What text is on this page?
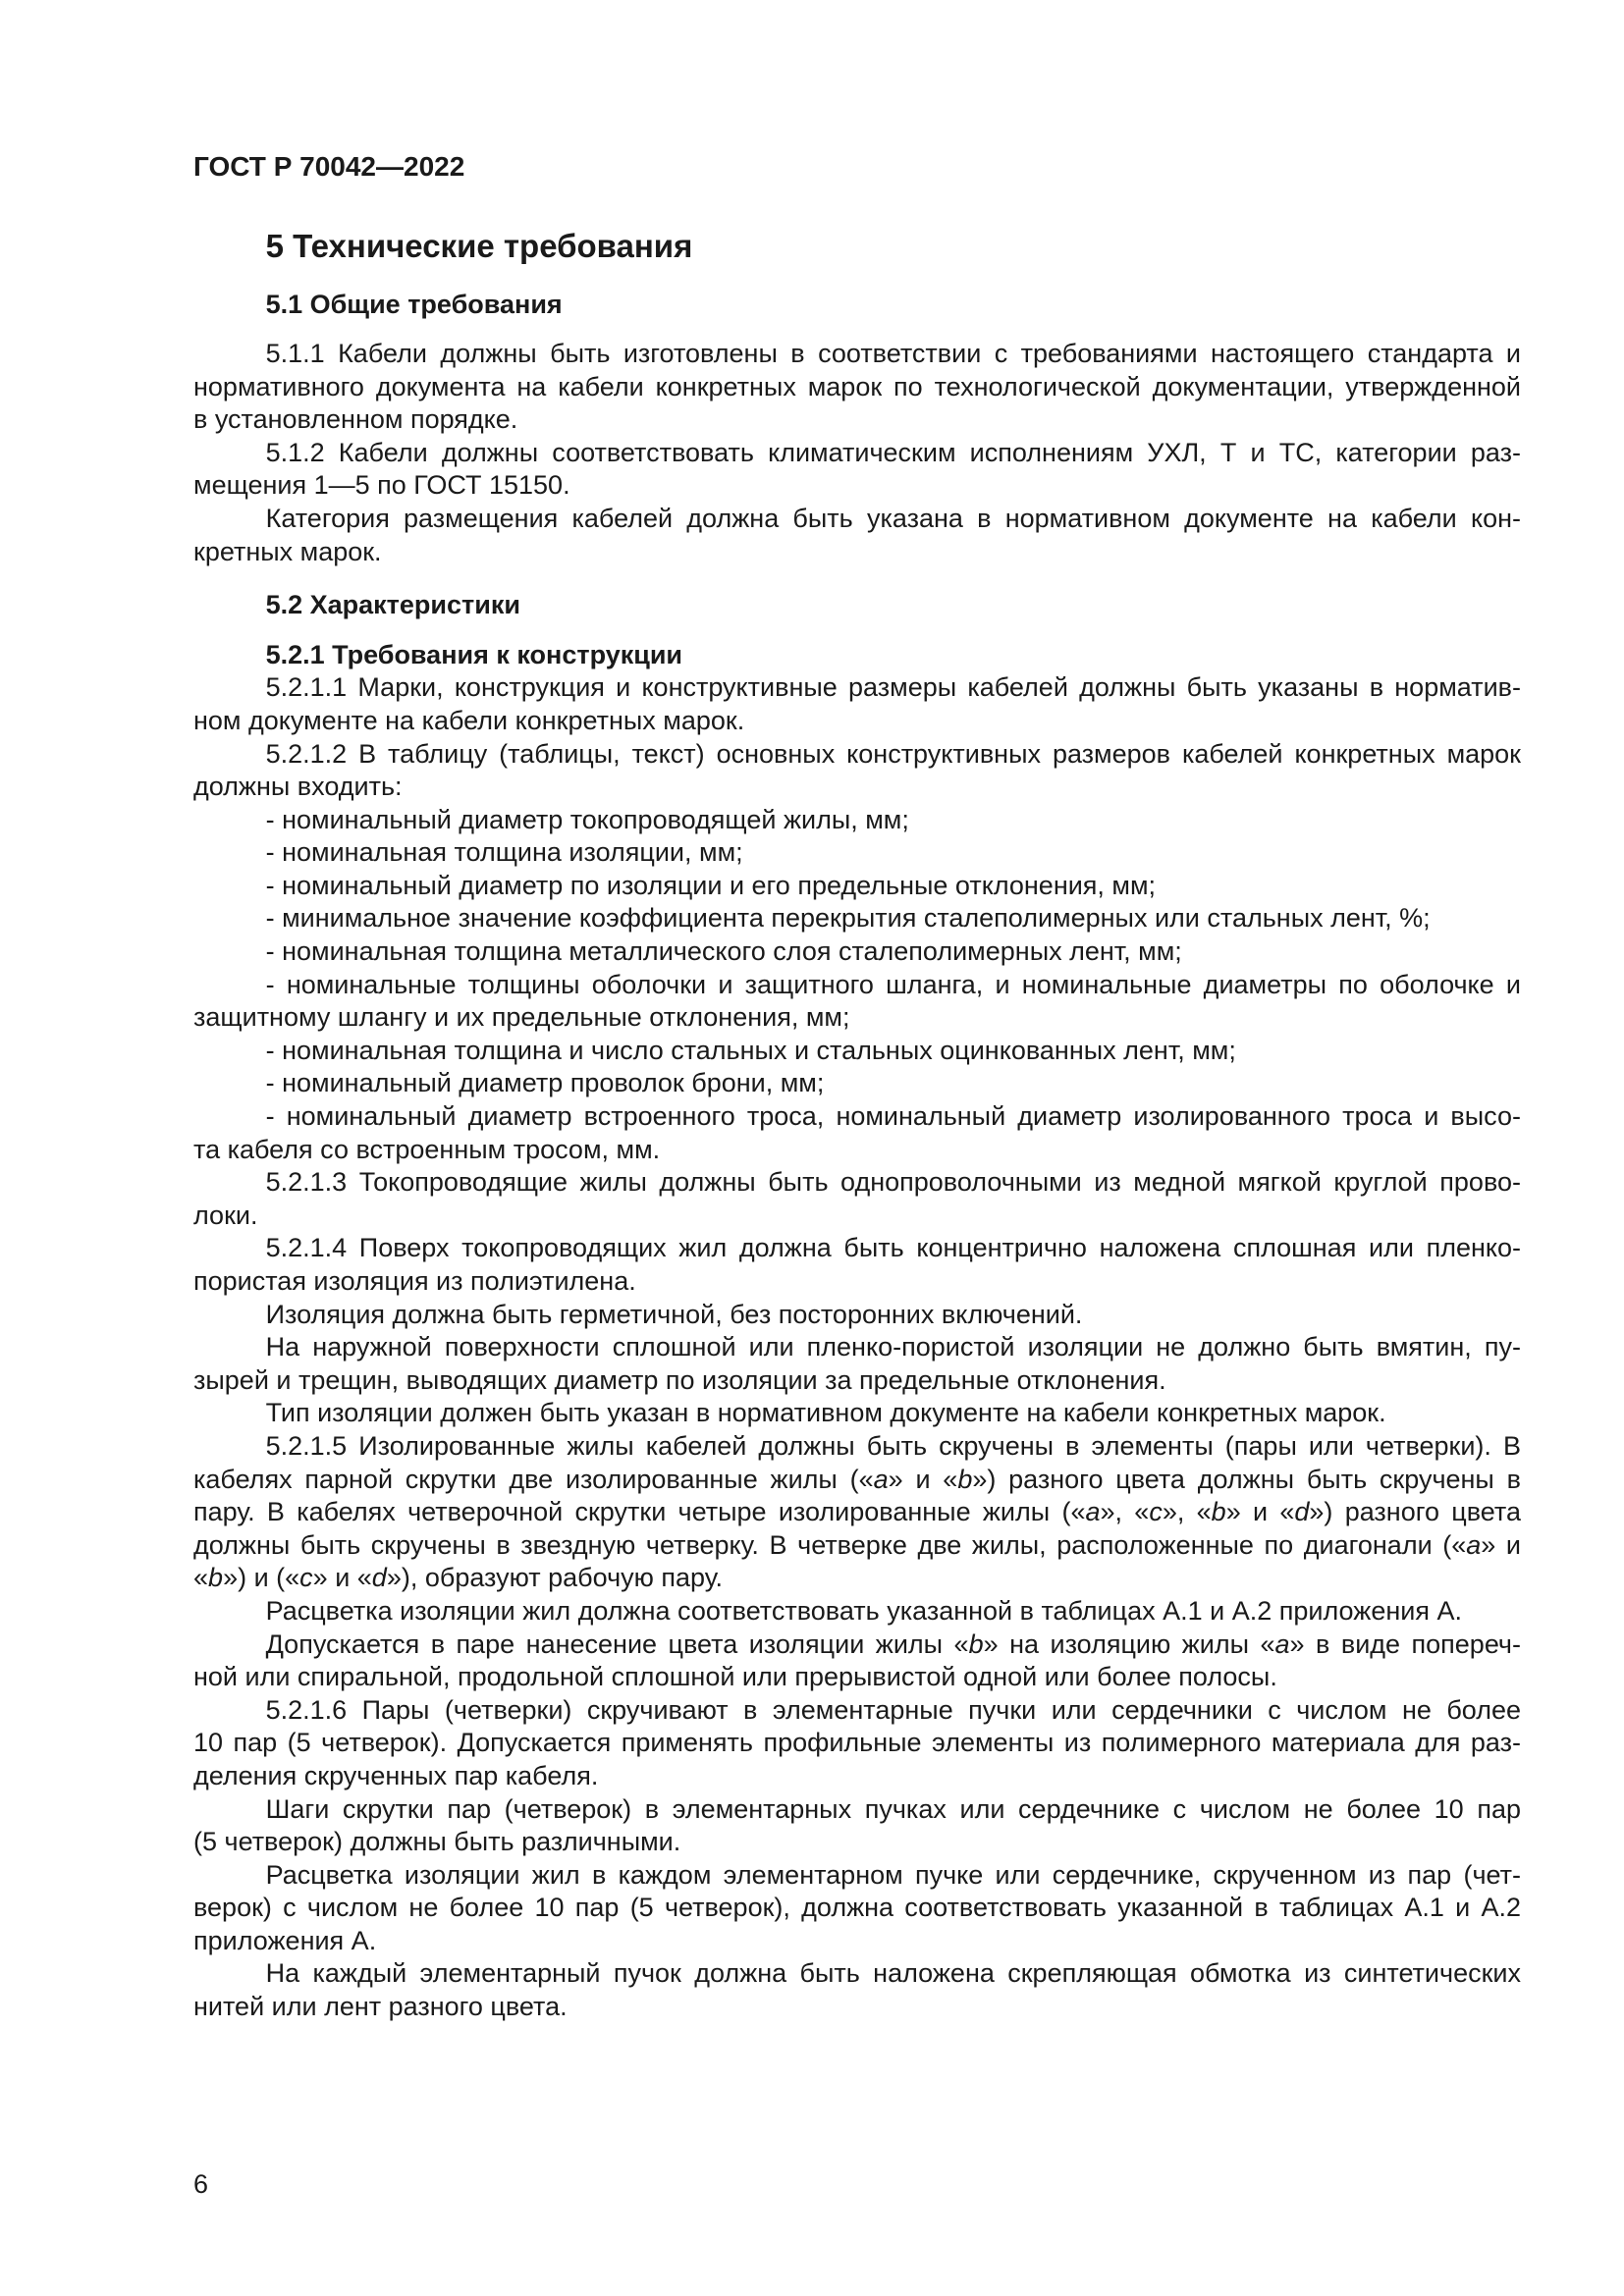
ГОСТ Р 70042—2022
5 Технические требования
5.1 Общие требования
5.1.1 Кабели должны быть изготовлены в соответствии с требованиями настоящего стандарта и
нормативного документа на кабели конкретных марок по технологической документации, утвержденной
в установленном порядке.
5.1.2 Кабели должны соответствовать климатическим исполнениям УХЛ, Т и ТС, категории раз-
мещения 1—5 по ГОСТ 15150.
Категория размещения кабелей должна быть указана в нормативном документе на кабели кон-
кретных марок.
5.2 Характеристики
5.2.1 Требования к конструкции
5.2.1.1 Марки, конструкция и конструктивные размеры кабелей должны быть указаны в норматив-
ном документе на кабели конкретных марок.
5.2.1.2 В таблицу (таблицы, текст) основных конструктивных размеров кабелей конкретных марок
должны входить:
- номинальный диаметр токопроводящей жилы, мм;
- номинальная толщина изоляции, мм;
- номинальный диаметр по изоляции и его предельные отклонения, мм;
- минимальное значение коэффициента перекрытия сталеполимерных или стальных лент, %;
- номинальная толщина металлического слоя сталеполимерных лент, мм;
- номинальные толщины оболочки и защитного шланга, и номинальные диаметры по оболочке и
защитному шлангу и их предельные отклонения, мм;
- номинальная толщина и число стальных и стальных оцинкованных лент, мм;
- номинальный диаметр проволок брони, мм;
- номинальный диаметр встроенного троса, номинальный диаметр изолированного троса и высо-
та кабеля со встроенным тросом, мм.
5.2.1.3 Токопроводящие жилы должны быть однопроволочными из медной мягкой круглой прово-
локи.
5.2.1.4 Поверх токопроводящих жил должна быть концентрично наложена сплошная или пленко-
пористая изоляция из полиэтилена.
Изоляция должна быть герметичной, без посторонних включений.
На наружной поверхности сплошной или пленко-пористой изоляции не должно быть вмятин, пу-
зырей и трещин, выводящих диаметр по изоляции за предельные отклонения.
Тип изоляции должен быть указан в нормативном документе на кабели конкретных марок.
5.2.1.5 Изолированные жилы кабелей должны быть скручены в элементы (пары или четверки). В
кабелях парной скрутки две изолированные жилы («a» и «b») разного цвета должны быть скручены в
пару. В кабелях четверочной скрутки четыре изолированные жилы («a», «c», «b» и «d») разного цвета
должны быть скручены в звездную четверку. В четверке две жилы, расположенные по диагонали («a» и
«b») и («c» и «d»), образуют рабочую пару.
Расцветка изоляции жил должна соответствовать указанной в таблицах А.1 и А.2 приложения А.
Допускается в паре нанесение цвета изоляции жилы «b» на изоляцию жилы «a» в виде попереч-
ной или спиральной, продольной сплошной или прерывистой одной или более полосы.
5.2.1.6 Пары (четверки) скручивают в элементарные пучки или сердечники с числом не более
10 пар (5 четверок). Допускается применять профильные элементы из полимерного материала для раз-
деления скрученных пар кабеля.
Шаги скрутки пар (четверок) в элементарных пучках или сердечнике с числом не более 10 пар
(5 четверок) должны быть различными.
Расцветка изоляции жил в каждом элементарном пучке или сердечнике, скрученном из пар (чет-
верок) с числом не более 10 пар (5 четверок), должна соответствовать указанной в таблицах А.1 и А.2
приложения А.
На каждый элементарный пучок должна быть наложена скрепляющая обмотка из синтетических
нитей или лент разного цвета.
6
